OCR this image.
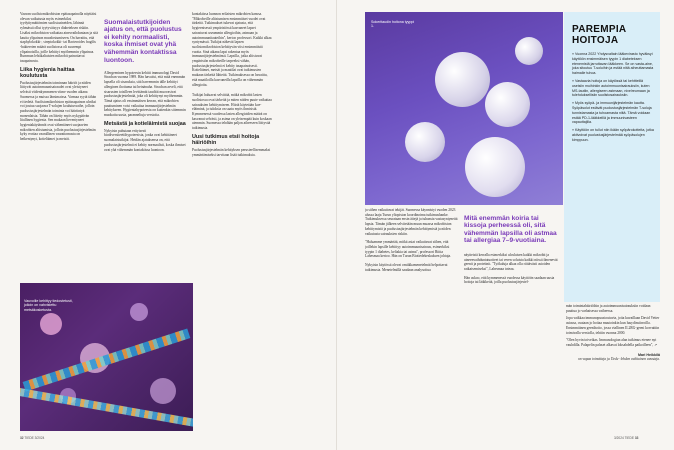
Vauvan suolistomikrobiston epätasapainolla näyttäisi olevan vaikutusta myös esimerkiksi tyydyttymättömien suolistoaineiden, lähinnä ryhmässä ollut tyytyväisyys diabeteksen riskiin. Lisäksi mikrobiston vaikuttaa ainesvaihduntaan ja sitä kautta ylipainon muodostumiseen. On havaittu, että staphylokokki-, streptokokki- tai Bacteroides fragilis -bakteerien määrä suolistossa oli suurempi ylipainoisilla, joille kehittyi myöhemmin ylipainoa. Rummun lehtikaltaisten mikrobit painottavat tasapainosta.

Liika hygienia haittaa koulutusta

Puolustusjärjestelmän toiminnan häiriöt ja niiden liittyvät autoimmuunisairaudet ovat yleistyneet selvästi viidenkymmenen viime vuoden aikana Suomessa ja muissa länsimaissa. Varmaa syytä tähän ei tiedetä. Suolistomikrobiston epätasapainon uhriksi voi joutua suojaava T-solujen koulutusvaihe, jolloin puolustusjärjestelmän toiminta voi häiriintyä monenlaisia. Tähän on liitetty myös nykypäivän liiallinen hygienia. Sen mukaan lieventyneet hygieniakäytännöt ovat vähentäneet suojaavien mikrobien altistumista, jolloin puolustusjärjestelmän kyky erottaa vaarallinen vaarattomasta on heikentynyt, kotieläimet ja metsät.

Vauvoille kehittyy tiedostetusti, jolloin on vahvistettu metsäkosketusta.

Suomalaistutkijoiden ajatus on, että puolustus ei kehity normaalisti, koska ihmiset ovat yhä vähemmän kontaktissa luontoon.

Allergeeninen hypoteesin kehitti immunologi David Strachan vuonna 1989. Hän havaitsi, että mitä enemmän lapsella oli sisaruksia, sitä harvemmin tälle kehittyi allerginen ihottuma tai heinänuha. Strachan arveli, että sisarusten toisilleen levittämät tauditit muovasivat puolustusjärjestelmää, joka oli kehittynyt myöhemmin. Tämä ajatus oli ensimmäisen kerran, että mikrobien puuttuminen voisi vaikuttaa immuunijärjestelmän kehitykseen. Hygieniahypoteesia on kuitenkin sittemmin muokattu uusia, paranneltuja versioita.

Metsästä ja kotieläimistä suojaa

Nykyisin puhutaan erityisesti biodiversiteettihypoteesista, jonka ovat kehittäneet suomalaistutkijat. Heidän ajatuksensa on, että puolustusjärjestelmä ei kehity normaalisti, koska ihmiset ovat yhä vähemmän kontaktissa luontoon.

kontaktissa luonnon erilaisten mikrobien kanssa. "Mikrobeille altistumisen ensimmäiset vuodet ovat tärkeitä. Tutkimukset tukevat ajatusta, että hygieenisessä ympäristössä kasvaneet lapset sairastuvat useammin allergioihin, astmaan ja autoimmuunitauteihin", kertoo professori. Kaikki alkaa syntymässä. Tutkijat näkevät lapsen suolistomikrobiston kehittyvän viisi ensimmäistä vuotta. Sinä aikana lapsi rakentaa myös immuunijärjestelmänsä. Lapsilla, jotka altistuvat ympäristön mikrobeille tarpeeksi vähän, puolustusjärjestelmä ei kehity tasapainoisesti. Kotieläimet, metsät ja maatilat ovat tutkimusten mukaan tärkeitä lähteitä. Tutkimuksessa on havaittu, että maatiloilla kasvaneilla lapsilla on vähemmän allergioita.

Tutkijat haluavat selvittää, mitkä mikrobit lasten suolistossa ovat tärkeitä ja miten niiden puute vaikuttaa sairauksien kehittymiseen. Hiiriä käytetään koe-eläiminä, ja tuloksia on saatu myös ihmisistä. Kymmenessä vuodessa lasten allergioiden määrä on kasvanut selvästi, ja astma on yleisempää kuin koskaan aiemmin. Suomessa tehdään paljon aiheeseen liittyvää tutkimusta.

Uusi tutkimus etsii hoitoja häiriöihin

Puolustusjärjestelmän kehityksen perusteellisemmaksi ymmärtämiseksi tarvitaan lisää tutkimuksia.

Sokeritaudin hoitona tyyppi 1.	PAREMPIA HOITOJA

» Vuonna 2022 Yhdysvaltain lääkevirasto hyväksyi käyttöön ensimmäisen tyypin 1 diabeteksen etenemistä jarruttavan lääkkeen. Se on vasta-aine, joka sitoutuu T-soluihin ja estää niitä aiheuttamasta haimalle tuhoa.

» Vastaavia hoitoja on käytössä tai kehitteillä useisiin muihinkin autoimmuunisairauksiin, kuten MS-tautiin, allergiseen astmaan, nivelreumaan ja tulehduksellisiin suolistosairauksiin.

» Myös syöpä- ja immuunijärjestelmän kautta. Syöpäsolut estävät puolustusjärjestelmän T-soluja tunnistamasta ja tuhoamasta niitä. Tämä voidaan estää PD-1-lääkkeillä ja immuunivasteen vapauttajilla.

» Käyttöön on tullut niin ikään syöpärokotteita, jotka aktivoivat puolustusjärjestelmää syöpäsolujen kimppuun.

ja siihen vaikuttavat tekijät. Suomessa käynnistyi vuoden 2023 alussa laaja Turun yliopiston koordinoima tutkimushanke. Tutkimuksessa seurataan ensin äitejä ja tuhansia vastasyntyneitä lapsia. Tämän jälkeen selvitetään muun muassa mikrobiston kehittymistä ja puolustusjärjestelmän kehittymistä ja niiden vaikutusta sairauksien riskiin.

"Haluamme ymmärtää, mitkä asiat vaikuttavat siihen, että joillekin lapsille kehittyy autoimmuunisairaus, esimerkiksi tyypin 1 diabetes, keliakia tai astma", professori Riitta Lahesmaa kertoo. Hän on Turun Biotiedekeskuksen johtaja.

Nykyisin käytössä olevat omiikkamenetelmät helpottavat tutkimusta. Menetelmillä saadaan analysoitua

Mitä enemmän koiria tai kissoja perheessä oli, sitä vähemmän lapsilla oli astmaa tai allergiaa 7–9-vuotiaina.

näytteistä kerralla esimerkiksi uloslaisen kaikki mikrobit ja aineenvaihduntatuotteet tai veren soluista kaikki niissä ilmenevät geenit ja proteiinit. "Työkaluja alkaa olla riittävästi asioiden ratkaisemiseksi", Lahesmaa toteaa.

Hän uskoo, että kymmenessä vuodessa käyttöön saadaan uusia hoitoja tai lääkkeitä, joilla puolustusjärjestel-

män toimintahäiriöihin ja autoimmuunisairauksiin voidaan puuttua jo varhaisessa vaiheessa.

Jopa vaikkaa immunopuustoutuvia, joita kuvaillaan David Vetter asiassa, osataan jo hoitaa muutoinkin kun luuydinsiirroilla. Ensimmäinen geenihoito, jossa viallinen IL2RG-geeni korvattiin toimivalla versiolla, tehtiin vuonna 2000.

"Olen hyvin toiveikas. Immunologian alan tutkimus etenee nyt vauhdilla. Palapelin palaset alkavat loksahdella paikoilleen", ↗

Mari Heikkilä

on vapaa toimittaja ja Tiede -lehden vakituinen avustaja.

32 TIEDE 3/2024	3/2024 TIEDE 33
